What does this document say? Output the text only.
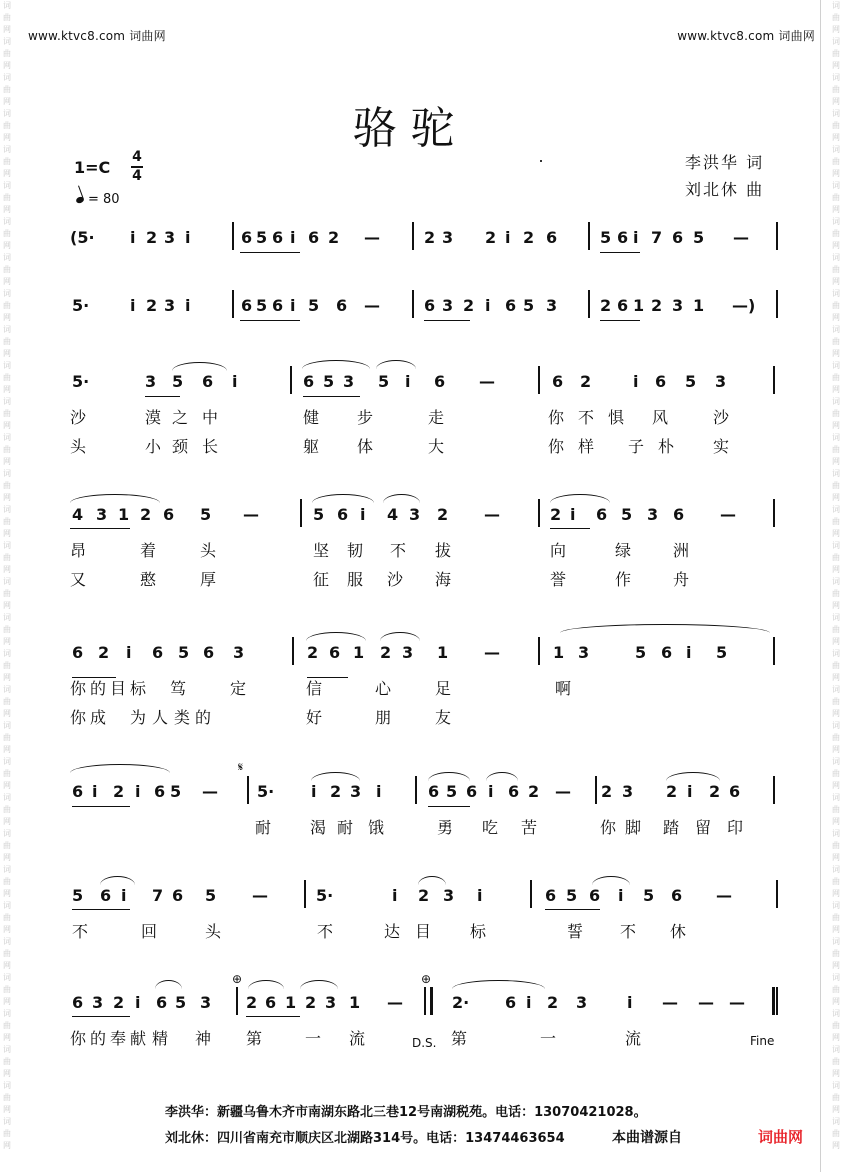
词
曲
网
词
曲
网
词
曲
网
词
曲
网
词
曲
网
词
曲
网
词
曲
网
词
曲
网
词
曲
网
词
曲
网
词
曲
网
词
曲
网
词
曲
网
词
曲
网
词
曲
网
词
曲
网
词
曲
网
词
曲
网
词
曲
网
词
曲
网
词
曲
网
词
曲
网
词
曲
网
词
曲
网
词
曲
网
词
曲
网
词
曲
网
词
曲
网
词
曲
网
词
曲
网
词
曲
网
词
曲
网
词
曲
网
词
曲
网
词
曲
网
词
曲
网
词
曲
网
词
曲
网
词
曲
网
词
曲
网
词
曲
网
词
曲
网
词
曲
网
词
曲
网
词
曲
网
词
曲
网
词
曲
网
词
曲
网
词
曲
网
词
曲
网
词
曲
网
词
曲
网
词
曲
网
词
曲
网
词
曲
网
词
曲
网
词
曲
网
词
曲
网
词
曲
网
词
曲
网
词
曲
网
词
曲
网
词
曲
网
词
曲
网
www.ktvc8.com 词曲网	www.ktvc8.com 词曲网
骆驼
1=C
4
4
= 80
李洪华 词
刘北休 曲
(5· i 2 3 i	6 5 6 i 6 2 —	2 3 2 i 2 6	5 6 i 7 6 5 —
5·	i 2 3 i	6 5 6 i 5 6 —	6 3 2 i 6 5 3	2 6 1 2 3 1 —)
5·	3 5 6 i	6 5 3 5 i 6 —	6 2	i 6 5 3
沙	漠 之 中	健 步	走	你 不 惧 风	沙
头	小 颈 长	躯 体	大	你 样 子 朴 实
4 3 1 2 6 5 —	5 6 i 4 3 2 —	2 i 6 5 3 6 —
昂	着	头	坚 韧 不 拔	向	绿	洲
又	憨	厚	征 服 沙 海	誉	作	舟
6 2 i 6 5 6 3	2 6 1 2 3 1 —	1 3	5 6 i 5
你 的 目 标 笃	定	信	心	足	啊
你 成 为 人 类 的	好	朋	友
6 i 2 i 6 5 — 5· i 2 3 i	6 5 6 i 6 2 — 2 3 2 i 2 6
耐 渴 耐 饿	勇 吃 苦	你 脚 踏 留 印
5 6 i 7 6 5 —	5·	i 2 3 i	6 5 6 i 5 6 —
不	回	头	不	达 目 标	誓 不 休
6 3 2 i 6 5 3 2 6 1 2 3 1 —	2· 6 i 2 3 i — — —
你 的 奉 献 精 神 第	一 流	第	一	流
𝄋
⊕	⊕
D.S.	Fine
李洪华：新疆乌鲁木齐市南湖东路北三巷12号南湖税苑。电话：13070421028。
刘北休：四川省南充市顺庆区北湖路314号。电话：13474463654	本曲谱源自	词曲网
